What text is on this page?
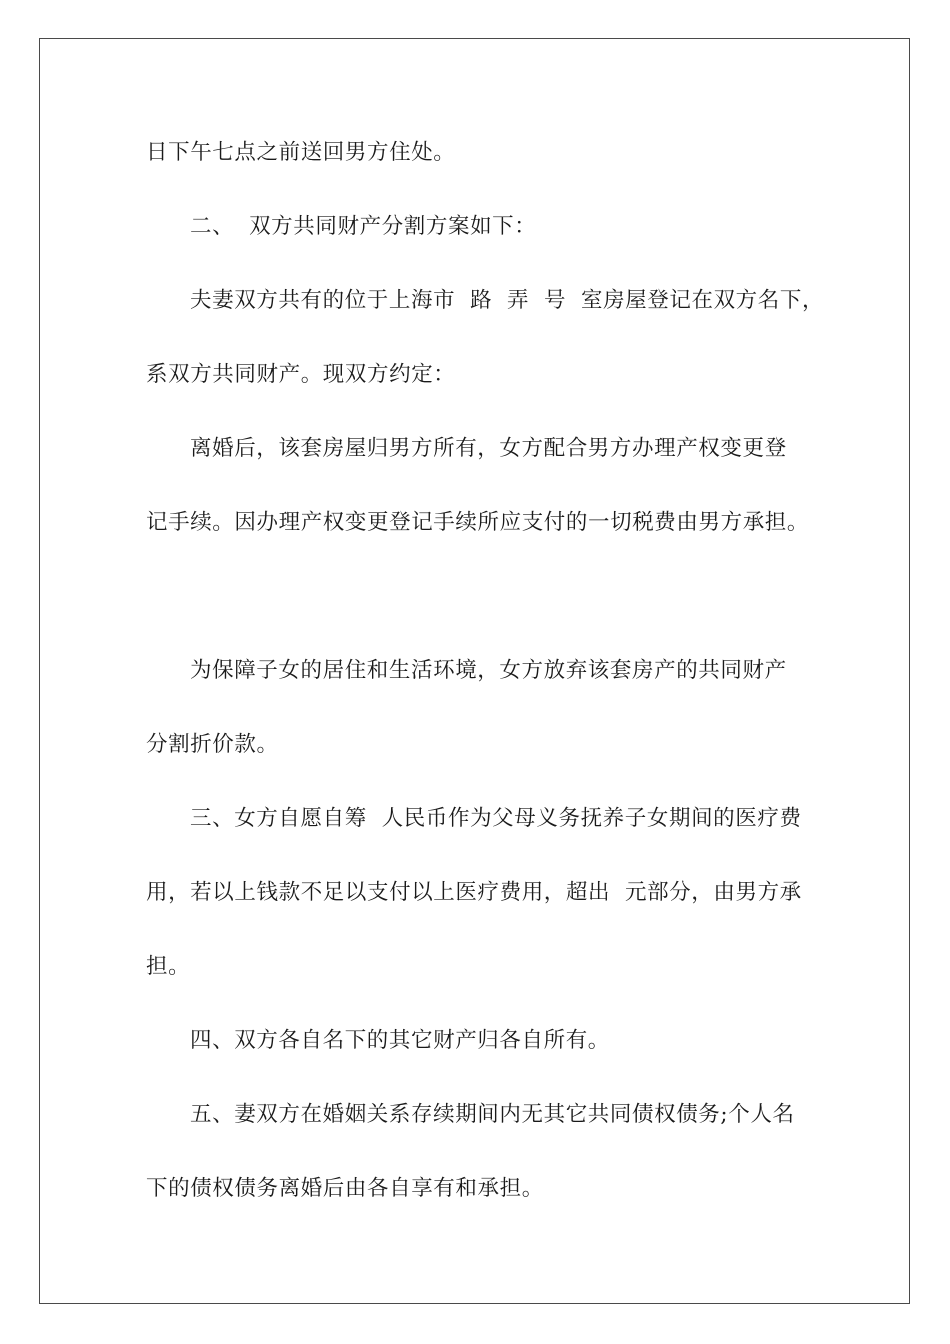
日下午七点之前送回男方住处。
二、  双方共同财产分割方案如下：
夫妻双方共有的位于上海市  路  弄  号  室房屋登记在双方名下，
系双方共同财产。现双方约定：
离婚后，该套房屋归男方所有，女方配合男方办理产权变更登
记手续。因办理产权变更登记手续所应支付的一切税费由男方承担。
为保障子女的居住和生活环境，女方放弃该套房产的共同财产
分割折价款。
三、女方自愿自筹  人民币作为父母义务抚养子女期间的医疗费
用，若以上钱款不足以支付以上医疗费用，超出  元部分，由男方承
担。
四、双方各自名下的其它财产归各自所有。
五、妻双方在婚姻关系存续期间内无其它共同债权债务;个人名
下的债权债务离婚后由各自享有和承担。
